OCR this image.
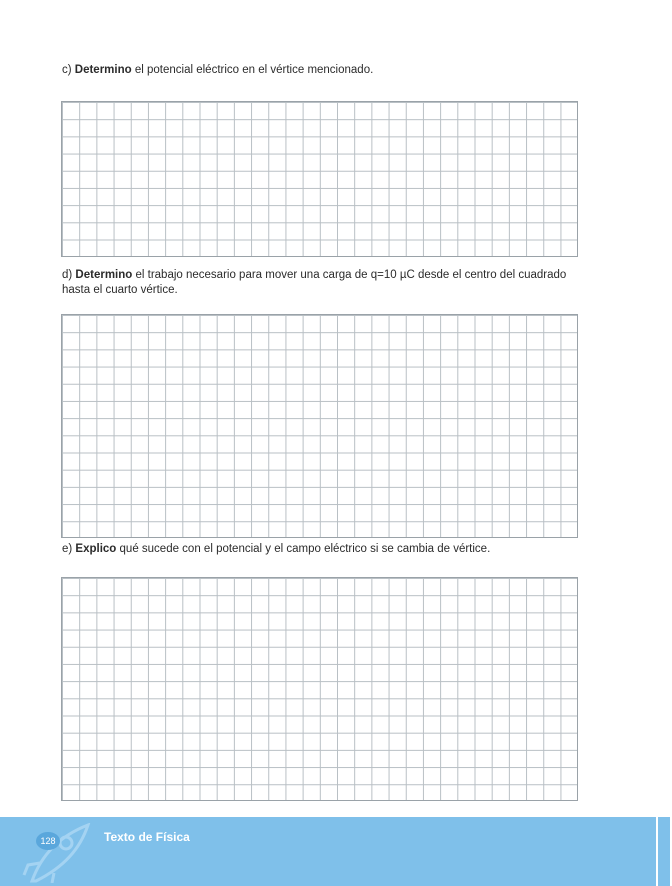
c) Determino el potencial eléctrico en el vértice mencionado.

d) Determino el trabajo necesario para mover una carga de q=10 µC desde el centro del cuadrado hasta el cuarto vértice.

e) Explico qué sucede con el potencial y el campo eléctrico si se cambia de vértice.

128	Texto de Física
